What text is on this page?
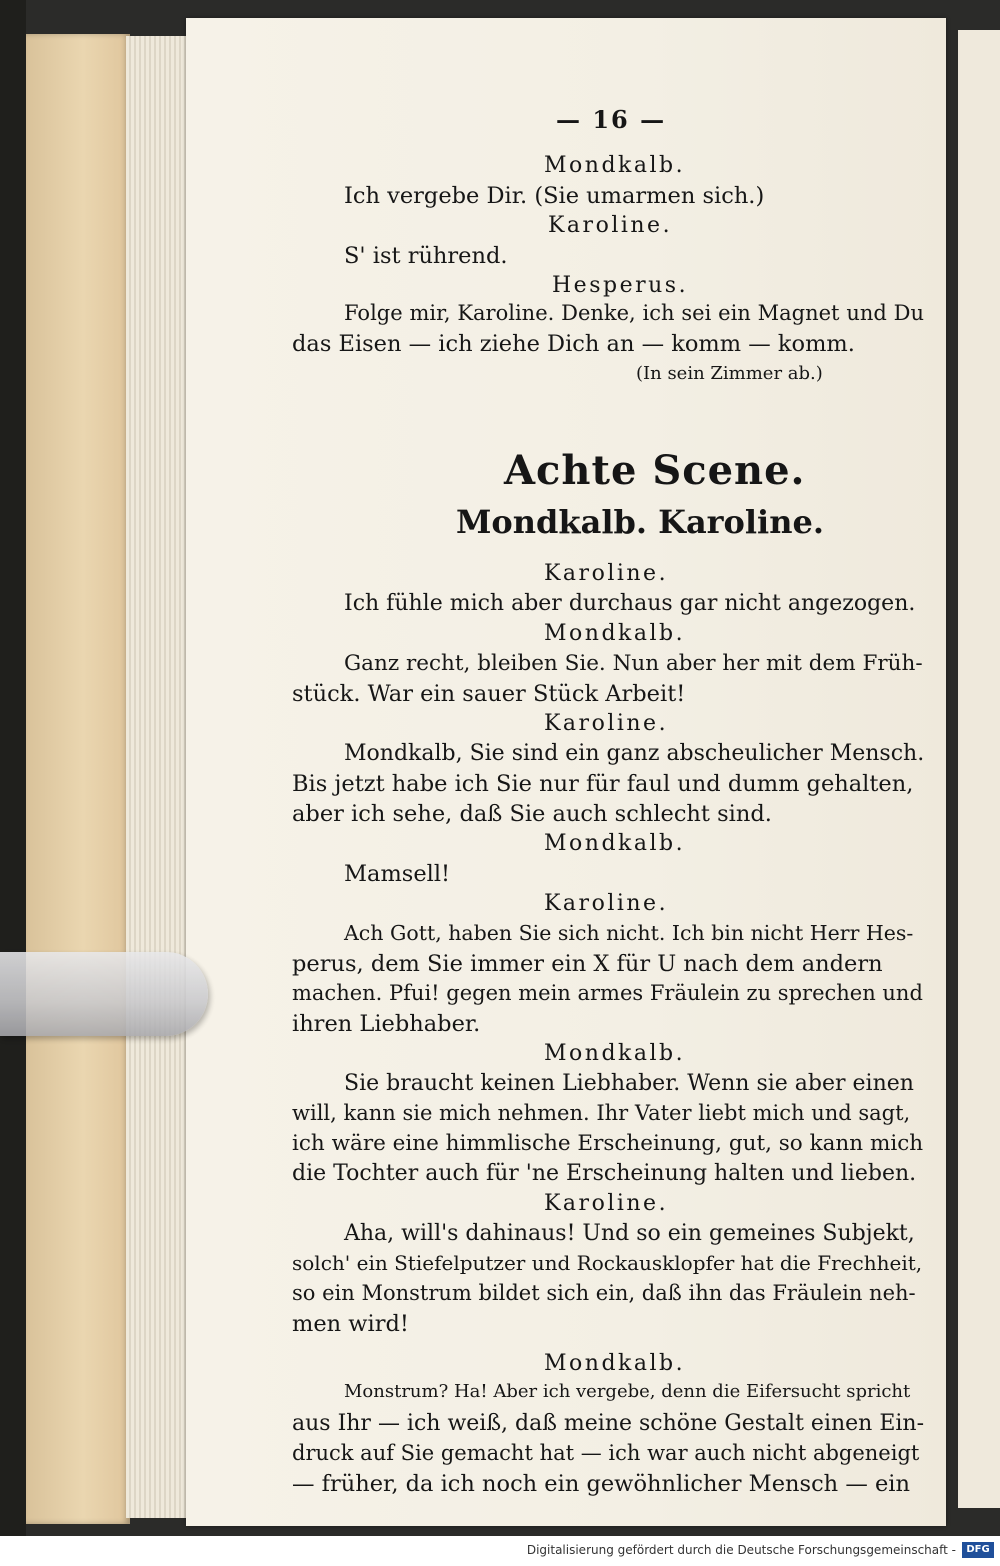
— 16 —
Mondkalb.
Ich vergebe Dir. (Sie umarmen sich.)
Karoline.
S' ist rührend.
Hesperus.
Folge mir, Karoline. Denke, ich sei ein Magnet und Du
das Eisen — ich ziehe Dich an — komm — komm.
(In sein Zimmer ab.)
Achte Scene.
Mondkalb. Karoline.
Karoline.
Ich fühle mich aber durchaus gar nicht angezogen.
Mondkalb.
Ganz recht, bleiben Sie. Nun aber her mit dem Früh-
stück. War ein sauer Stück Arbeit!
Karoline.
Mondkalb, Sie sind ein ganz abscheulicher Mensch.
Bis jetzt habe ich Sie nur für faul und dumm gehalten,
aber ich sehe, daß Sie auch schlecht sind.
Mondkalb.
Mamsell!
Karoline.
Ach Gott, haben Sie sich nicht. Ich bin nicht Herr Hes-
perus, dem Sie immer ein X für U nach dem andern
machen. Pfui! gegen mein armes Fräulein zu sprechen und
ihren Liebhaber.
Mondkalb.
Sie braucht keinen Liebhaber. Wenn sie aber einen
will, kann sie mich nehmen. Ihr Vater liebt mich und sagt,
ich wäre eine himmlische Erscheinung, gut, so kann mich
die Tochter auch für 'ne Erscheinung halten und lieben.
Karoline.
Aha, will's dahinaus! Und so ein gemeines Subjekt,
solch' ein Stiefelputzer und Rockausklopfer hat die Frechheit,
so ein Monstrum bildet sich ein, daß ihn das Fräulein neh-
men wird!
Mondkalb.
Monstrum? Ha! Aber ich vergebe, denn die Eifersucht spricht
aus Ihr — ich weiß, daß meine schöne Gestalt einen Ein-
druck auf Sie gemacht hat — ich war auch nicht abgeneigt
— früher, da ich noch ein gewöhnlicher Mensch — ein
Digitalisierung gefördert durch die Deutsche Forschungsgemeinschaft -	DFG
